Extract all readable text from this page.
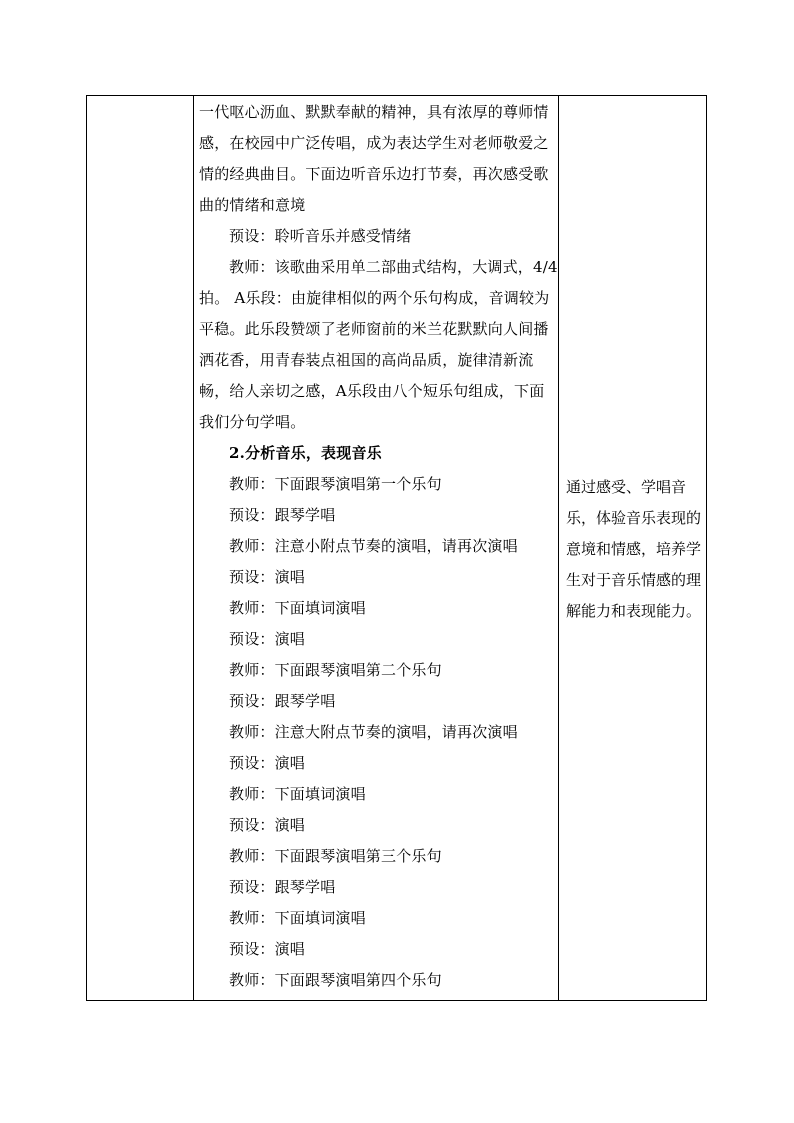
一代呕心沥血、默默奉献的精神，具有浓厚的尊师情感，在校园中广泛传唱，成为表达学生对老师敬爱之情的经典曲目。下面边听音乐边打节奏，再次感受歌曲的情绪和意境

预设：聆听音乐并感受情绪

教师：该歌曲采用单二部曲式结构，大调式，4/4拍。 A乐段：由旋律相似的两个乐句构成，音调较为平稳。此乐段赞颂了老师窗前的米兰花默默向人间播洒花香，用青春装点祖国的高尚品质，旋律清新流畅，给人亲切之感，A乐段由八个短乐句组成，下面我们分句学唱。

2.分析音乐，表现音乐

教师：下面跟琴演唱第一个乐句

预设：跟琴学唱

教师：注意小附点节奏的演唱，请再次演唱

预设：演唱

教师：下面填词演唱

预设：演唱

教师：下面跟琴演唱第二个乐句

预设：跟琴学唱

教师：注意大附点节奏的演唱，请再次演唱

预设：演唱

教师：下面填词演唱

预设：演唱

教师：下面跟琴演唱第三个乐句

预设：跟琴学唱

教师：下面填词演唱

预设：演唱

教师：下面跟琴演唱第四个乐句

通过感受、学唱音乐，体验音乐表现的意境和情感，培养学生对于音乐情感的理解能力和表现能力。
